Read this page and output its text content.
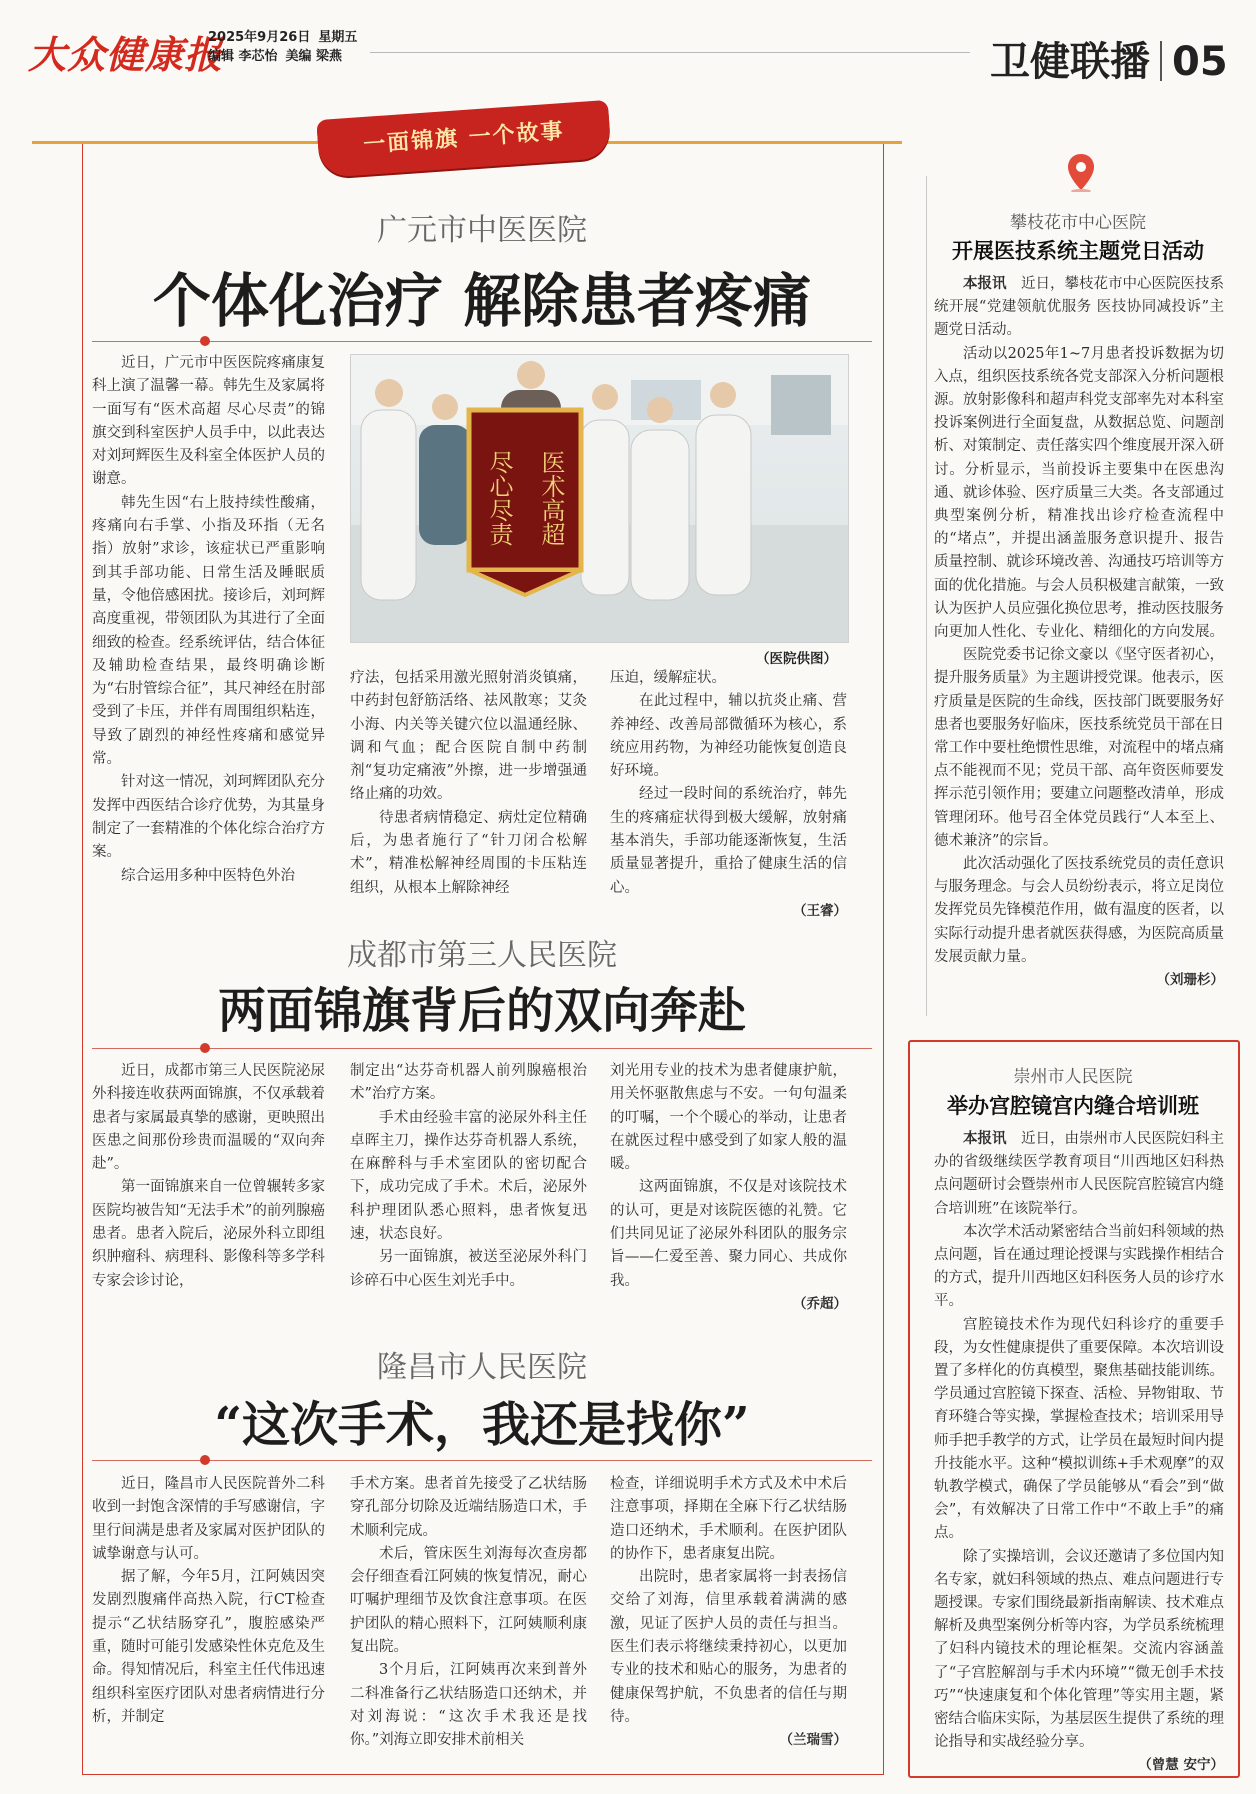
大众健康报
2025年9月26日 星期五
编辑 李芯怡 美编 梁燕	卫健联播 05
一面锦旗 一个故事
广元市中医医院
个体化治疗 解除患者疼痛

近日，广元市中医医院疼痛康复科上演了温馨一幕。韩先生及家属将一面写有“医术高超 尽心尽责”的锦旗交到科室医护人员手中，以此表达对刘珂辉医生及科室全体医护人员的谢意。

韩先生因“右上肢持续性酸痛，疼痛向右手掌、小指及环指（无名指）放射”求诊，该症状已严重影响到其手部功能、日常生活及睡眠质量，令他倍感困扰。接诊后，刘珂辉高度重视，带领团队为其进行了全面细致的检查。经系统评估，结合体征及辅助检查结果，最终明确诊断为“右肘管综合征”，其尺神经在肘部受到了卡压，并伴有周围组织粘连，导致了剧烈的神经性疼痛和感觉异常。

针对这一情况，刘珂辉团队充分发挥中西医结合诊疗优势，为其量身制定了一套精准的个体化综合治疗方案。

综合运用多种中医特色外治

医术高超
尽心尽责
（医院供图）

疗法，包括采用激光照射消炎镇痛，中药封包舒筋活络、祛风散寒；艾灸小海、内关等关键穴位以温通经脉、调和气血；配合医院自制中药制剂“复功定痛液”外擦，进一步增强通络止痛的功效。

待患者病情稳定、病灶定位精确后，为患者施行了“针刀闭合松解术”，精准松解神经周围的卡压粘连组织，从根本上解除神经

压迫，缓解症状。

在此过程中，辅以抗炎止痛、营养神经、改善局部微循环为核心，系统应用药物，为神经功能恢复创造良好环境。

经过一段时间的系统治疗，韩先生的疼痛症状得到极大缓解，放射痛基本消失，手部功能逐渐恢复，生活质量显著提升，重拾了健康生活的信心。

（王睿）

成都市第三人民医院
两面锦旗背后的双向奔赴

近日，成都市第三人民医院泌尿外科接连收获两面锦旗，不仅承载着患者与家属最真挚的感谢，更映照出医患之间那份珍贵而温暖的“双向奔赴”。

第一面锦旗来自一位曾辗转多家医院均被告知“无法手术”的前列腺癌患者。患者入院后，泌尿外科立即组织肿瘤科、病理科、影像科等多学科专家会诊讨论，

制定出“达芬奇机器人前列腺癌根治术”治疗方案。

手术由经验丰富的泌尿外科主任卓晖主刀，操作达芬奇机器人系统，在麻醉科与手术室团队的密切配合下，成功完成了手术。术后，泌尿外科护理团队悉心照料，患者恢复迅速，状态良好。

另一面锦旗，被送至泌尿外科门诊碎石中心医生刘光手中。

刘光用专业的技术为患者健康护航，用关怀驱散焦虑与不安。一句句温柔的叮嘱，一个个暖心的举动，让患者在就医过程中感受到了如家人般的温暖。

这两面锦旗，不仅是对该院技术的认可，更是对该院医德的礼赞。它们共同见证了泌尿外科团队的服务宗旨——仁爱至善、聚力同心、共成你我。

（乔超）

隆昌市人民医院
“这次手术，我还是找你”

近日，隆昌市人民医院普外二科收到一封饱含深情的手写感谢信，字里行间满是患者及家属对医护团队的诚挚谢意与认可。

据了解，今年5月，江阿姨因突发剧烈腹痛伴高热入院，行CT检查提示“乙状结肠穿孔”，腹腔感染严重，随时可能引发感染性休克危及生命。得知情况后，科室主任代伟迅速组织科室医疗团队对患者病情进行分析，并制定

手术方案。患者首先接受了乙状结肠穿孔部分切除及近端结肠造口术，手术顺利完成。

术后，管床医生刘海每次查房都会仔细查看江阿姨的恢复情况，耐心叮嘱护理细节及饮食注意事项。在医护团队的精心照料下，江阿姨顺利康复出院。

3个月后，江阿姨再次来到普外二科准备行乙状结肠造口还纳术，并对刘海说：“这次手术我还是找你。”刘海立即安排术前相关

检查，详细说明手术方式及术中术后注意事项，择期在全麻下行乙状结肠造口还纳术，手术顺利。在医护团队的协作下，患者康复出院。

出院时，患者家属将一封表扬信交给了刘海，信里承载着满满的感激，见证了医护人员的责任与担当。医生们表示将继续秉持初心，以更加专业的技术和贴心的服务，为患者的健康保驾护航，不负患者的信任与期待。

（兰瑞雪）

攀枝花市中心医院
开展医技系统主题党日活动

本报讯　 近日，攀枝花市中心医院医技系统开展“党建领航优服务 医技协同减投诉”主题党日活动。

活动以2025年1~7月患者投诉数据为切入点，组织医技系统各党支部深入分析问题根源。放射影像科和超声科党支部率先对本科室投诉案例进行全面复盘，从数据总览、问题剖析、对策制定、责任落实四个维度展开深入研讨。分析显示，当前投诉主要集中在医患沟通、就诊体验、医疗质量三大类。各支部通过典型案例分析，精准找出诊疗检查流程中的“堵点”，并提出涵盖服务意识提升、报告质量控制、就诊环境改善、沟通技巧培训等方面的优化措施。与会人员积极建言献策，一致认为医护人员应强化换位思考，推动医技服务向更加人性化、专业化、精细化的方向发展。

医院党委书记徐文豪以《坚守医者初心，提升服务质量》为主题讲授党课。他表示，医疗质量是医院的生命线，医技部门既要服务好患者也要服务好临床，医技系统党员干部在日常工作中要杜绝惯性思维，对流程中的堵点痛点不能视而不见；党员干部、高年资医师要发挥示范引领作用；要建立问题整改清单，形成管理闭环。他号召全体党员践行“人本至上、德术兼济”的宗旨。

此次活动强化了医技系统党员的责任意识与服务理念。与会人员纷纷表示，将立足岗位发挥党员先锋模范作用，做有温度的医者，以实际行动提升患者就医获得感，为医院高质量发展贡献力量。

（刘珊杉）

崇州市人民医院
举办宫腔镜宫内缝合培训班

本报讯　 近日，由崇州市人民医院妇科主办的省级继续医学教育项目“川西地区妇科热点问题研讨会暨崇州市人民医院宫腔镜宫内缝合培训班”在该院举行。

本次学术活动紧密结合当前妇科领域的热点问题，旨在通过理论授课与实践操作相结合的方式，提升川西地区妇科医务人员的诊疗水平。

宫腔镜技术作为现代妇科诊疗的重要手段，为女性健康提供了重要保障。本次培训设置了多样化的仿真模型，聚焦基础技能训练。学员通过宫腔镜下探查、活检、异物钳取、节育环缝合等实操，掌握检查技术；培训采用导师手把手教学的方式，让学员在最短时间内提升技能水平。这种“模拟训练+手术观摩”的双轨教学模式，确保了学员能够从“看会”到“做会”，有效解决了日常工作中“不敢上手”的痛点。

除了实操培训，会议还邀请了多位国内知名专家，就妇科领域的热点、难点问题进行专题授课。专家们围绕最新指南解读、技术难点解析及典型案例分析等内容，为学员系统梳理了妇科内镜技术的理论框架。交流内容涵盖了“子宫腔解剖与手术内环境”“微无创手术技巧”“快速康复和个体化管理”等实用主题，紧密结合临床实际，为基层医生提供了系统的理论指导和实战经验分享。

（曾慧 安宁）
